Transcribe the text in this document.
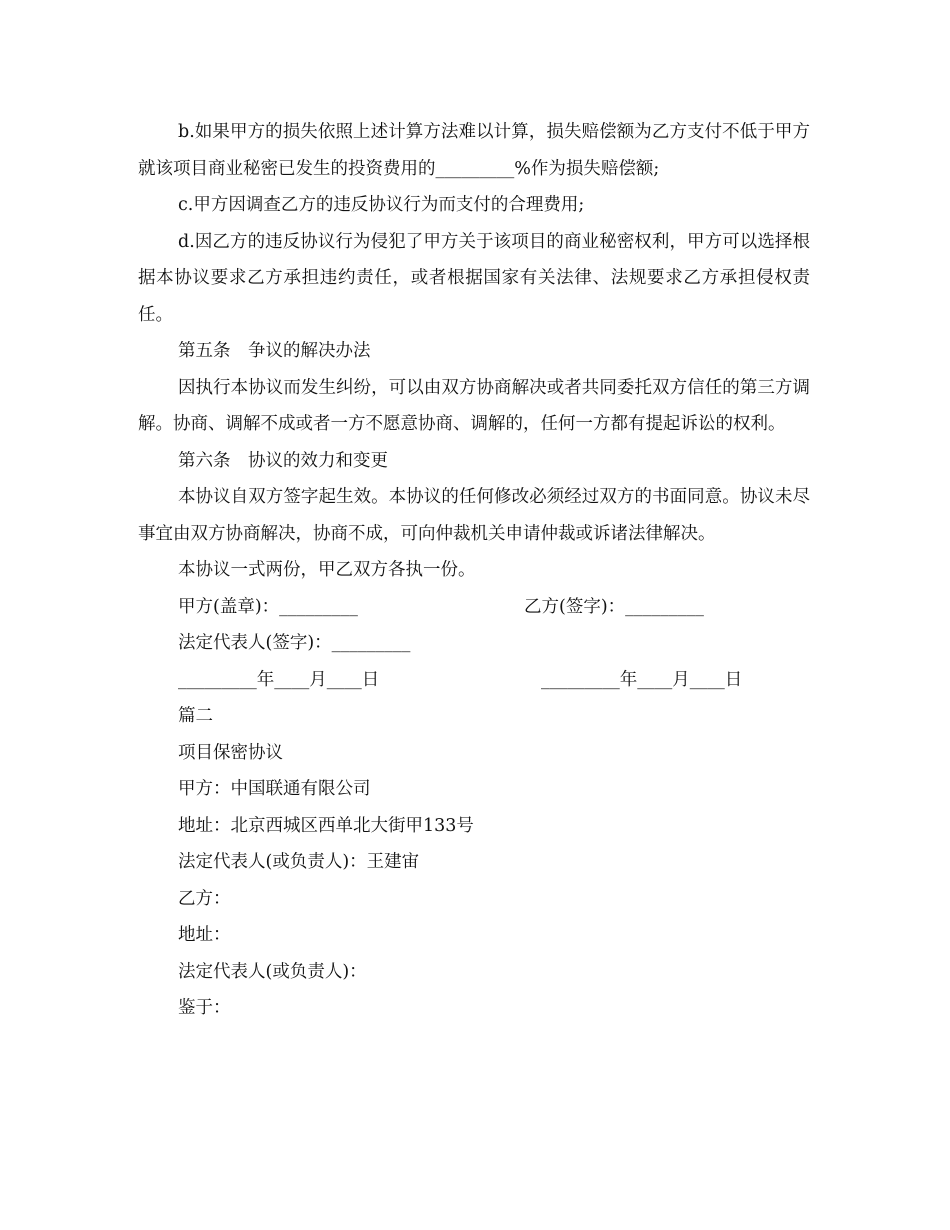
b.如果甲方的损失依照上述计算方法难以计算，损失赔偿额为乙方支付不低于甲方就该项目商业秘密已发生的投资费用的_________%作为损失赔偿额;

c.甲方因调查乙方的违反协议行为而支付的合理费用;

d.因乙方的违反协议行为侵犯了甲方关于该项目的商业秘密权利，甲方可以选择根据本协议要求乙方承担违约责任，或者根据国家有关法律、法规要求乙方承担侵权责任。

第五条　争议的解决办法

因执行本协议而发生纠纷，可以由双方协商解决或者共同委托双方信任的第三方调解。协商、调解不成或者一方不愿意协商、调解的，任何一方都有提起诉讼的权利。

第六条　协议的效力和变更

本协议自双方签字起生效。本协议的任何修改必须经过双方的书面同意。协议未尽事宜由双方协商解决，协商不成，可向仲裁机关申请仲裁或诉诸法律解决。

本协议一式两份，甲乙双方各执一份。

甲方(盖章)：_________

	乙方(签字)：_________

法定代表人(签字)：_________

_________年____月____日

	_________年____月____日

篇二

项目保密协议

甲方：中国联通有限公司

地址：北京西城区西单北大街甲133号

法定代表人(或负责人)：王建宙

乙方：

地址：

法定代表人(或负责人)：

鉴于：
